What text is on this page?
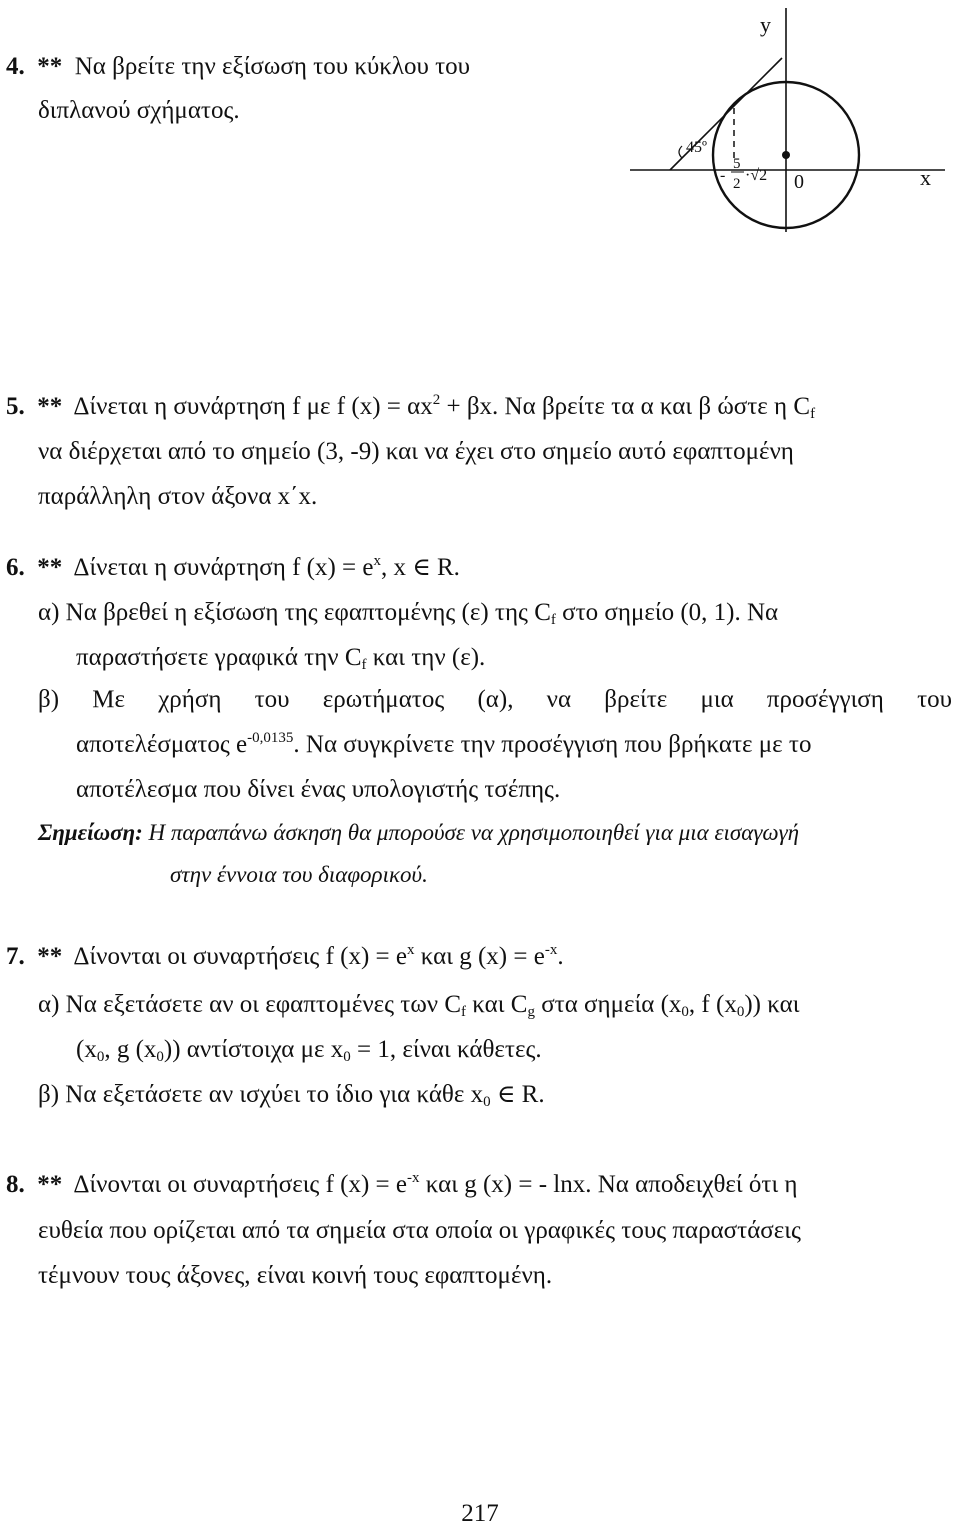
4. ** Να βρείτε την εξίσωση του κύκλου του
διπλανού σχήματος.
y
x
0
45º
-
5
2 ·√2
5. ** Δίνεται η συνάρτηση f με f $(x) = \alpha x^2 + \beta x$. Να βρείτε τα α και β ώστε η $C_f$
να διέρχεται από το σημείο (3, -9) και να έχει στο σημείο αυτό εφαπτομένη
παράλληλη στον άξονα x΄x.
6. ** Δίνεται η συνάρτηση f $(x) = e^x$, x ∈ R.
α) Να βρεθεί η εξίσωση της εφαπτομένης (ε) της $C_f$ στο σημείο (0, 1). Να
παραστήσετε γραφικά την $C_f$ και την (ε).
β) Με χρήση του ερωτήματος (α), να βρείτε μια προσέγγιση του
αποτελέσματος $e^{-0,0135}$. Να συγκρίνετε την προσέγγιση που βρήκατε με το
αποτέλεσμα που δίνει ένας υπολογιστής τσέπης.
Σημείωση: Η παραπάνω άσκηση θα μπορούσε να χρησιμοποιηθεί για μια εισαγωγή
στην έννοια του διαφορικού.
7. ** Δίνονται οι συναρτήσεις f $(x) = e^x$ και g $(x) = e^{-x}$.
α) Να εξετάσετε αν οι εφαπτομένες των $C_f$ και $C_g$ στα σημεία ($x_0$, f $(x_0)$) και
($x_0$, g $(x_0)$) αντίστοιχα με $x_0 = 1$, είναι κάθετες.
β) Να εξετάσετε αν ισχύει το ίδιο για κάθε $x_0$ ∈ R.
8. ** Δίνονται οι συναρτήσεις f $(x) = e^{-x}$ και g (x) = - lnx. Να αποδειχθεί ότι η
ευθεία που ορίζεται από τα σημεία στα οποία οι γραφικές τους παραστάσεις
τέμνουν τους άξονες, είναι κοινή τους εφαπτομένη.
217
